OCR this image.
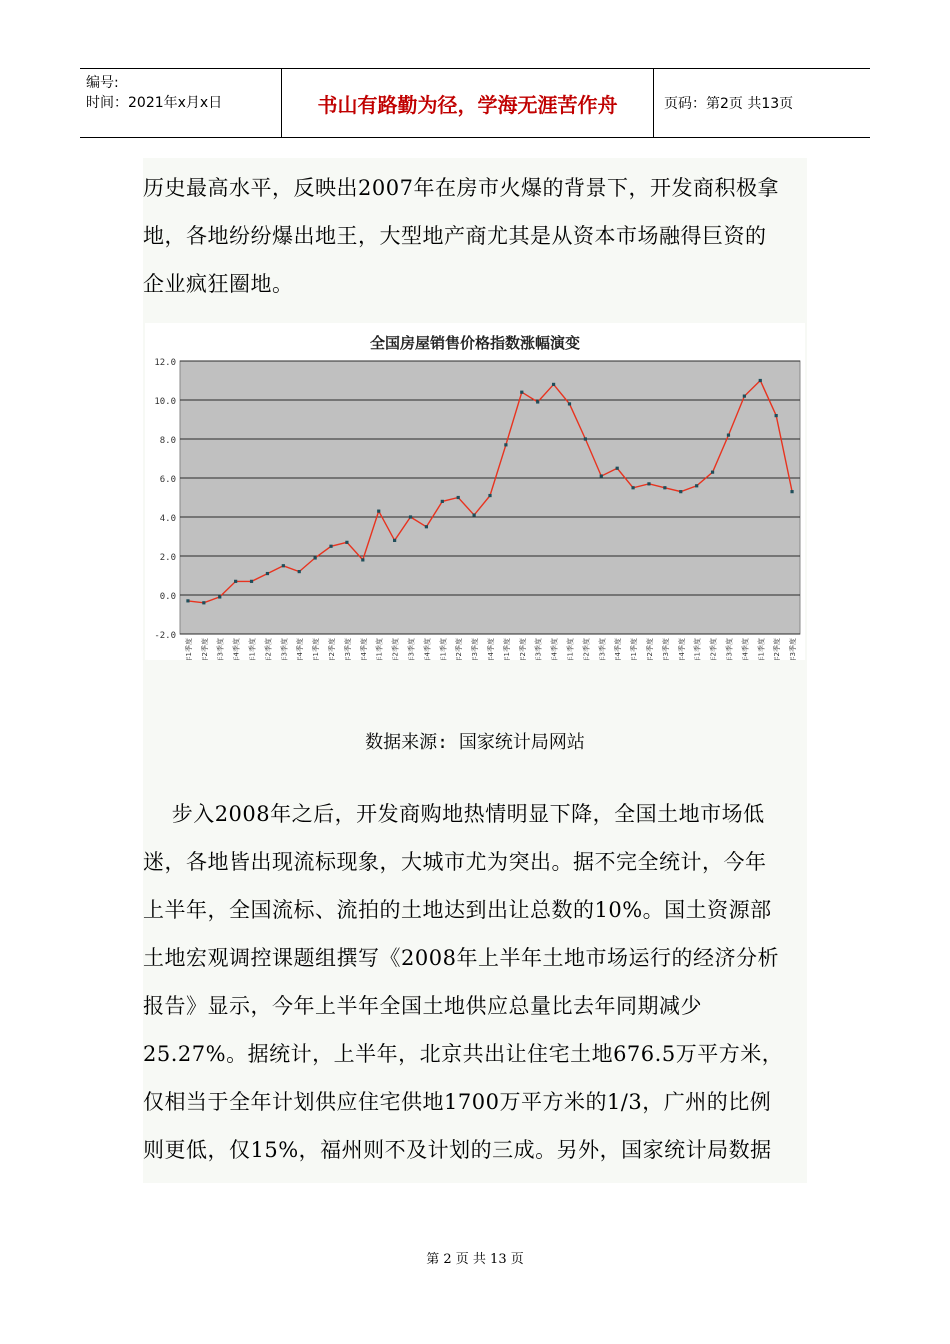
编号:
时间：2021年x月x日	书山有路勤为径，学海无涯苦作舟	页码：第2页 共13页
历史最高水平，反映出2007年在房市火爆的背景下，开发商积极拿
地，各地纷纷爆出地王，大型地产商尤其是从资本市场融得巨资的
企业疯狂圈地。
全国房屋销售价格指数涨幅演变
12.0
10.0
8.0
6.0
4.0
2.0
0.0
-2.0
1999年1季度 1999年2季度 1999年3季度 1999年4季度 2000年1季度 2000年2季度 2000年3季度 2000年4季度 2001年1季度 2001年2季度 2001年3季度 2001年4季度 2002年1季度 2002年2季度 2002年3季度 2002年4季度 2003年1季度 2003年2季度 2003年3季度 2003年4季度 2004年1季度 2004年2季度 2004年3季度 2004年4季度 2005年1季度 2005年2季度 2005年3季度 2005年4季度 2006年1季度 2006年2季度 2006年3季度 2006年4季度 2007年1季度 2007年2季度 2007年3季度 2007年4季度 2008年1季度 2008年2季度 2008年3季度
数据来源: 国家统计局网站
步入2008年之后，开发商购地热情明显下降，全国土地市场低
迷，各地皆出现流标现象，大城市尤为突出。据不完全统计，今年
上半年，全国流标、流拍的土地达到出让总数的10%。国土资源部
土地宏观调控课题组撰写《2008年上半年土地市场运行的经济分析
报告》显示，今年上半年全国土地供应总量比去年同期减少
25.27%。据统计，上半年，北京共出让住宅土地676.5万平方米，
仅相当于全年计划供应住宅供地1700万平方米的1/3，广州的比例
则更低，仅15%，福州则不及计划的三成。另外，国家统计局数据
第 2 页 共 13 页
